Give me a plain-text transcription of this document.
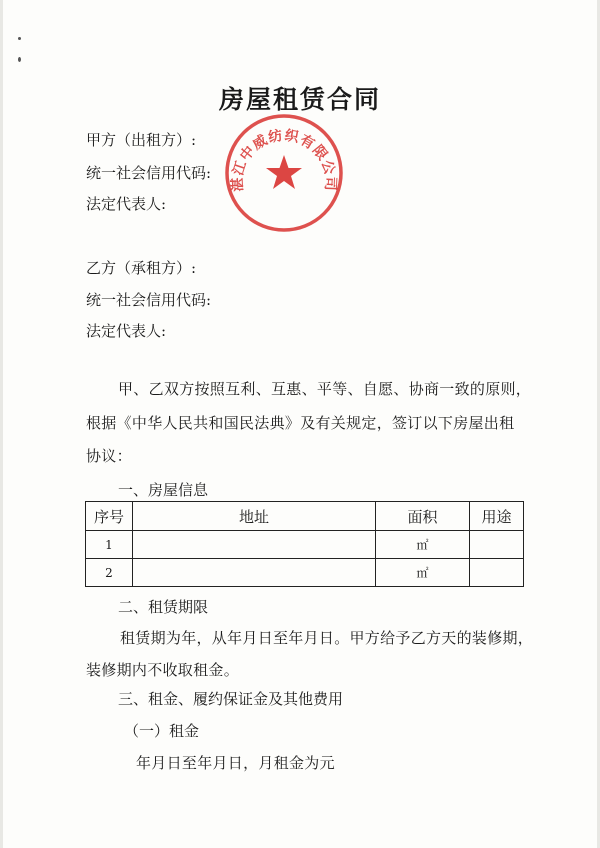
房屋租赁合同
甲方（出租方）:
统一社会信用代码:
法定代表人:
乙方（承租方）:
统一社会信用代码:
法定代表人:
甲、乙双方按照互利、互惠、平等、自愿、协商一致的原则，
根据《中华人民共和国民法典》及有关规定，签订以下房屋出租
协议：
一、房屋信息
序号	地址	面积	用途
1		㎡	
2		㎡	
二、租赁期限
租赁期为年，从年月日至年月日。甲方给予乙方天的装修期，
装修期内不收取租金。
三、租金、履约保证金及其他费用
（一）租金
年月日至年月日，月租金为元
湛江中威纺织有限公司
